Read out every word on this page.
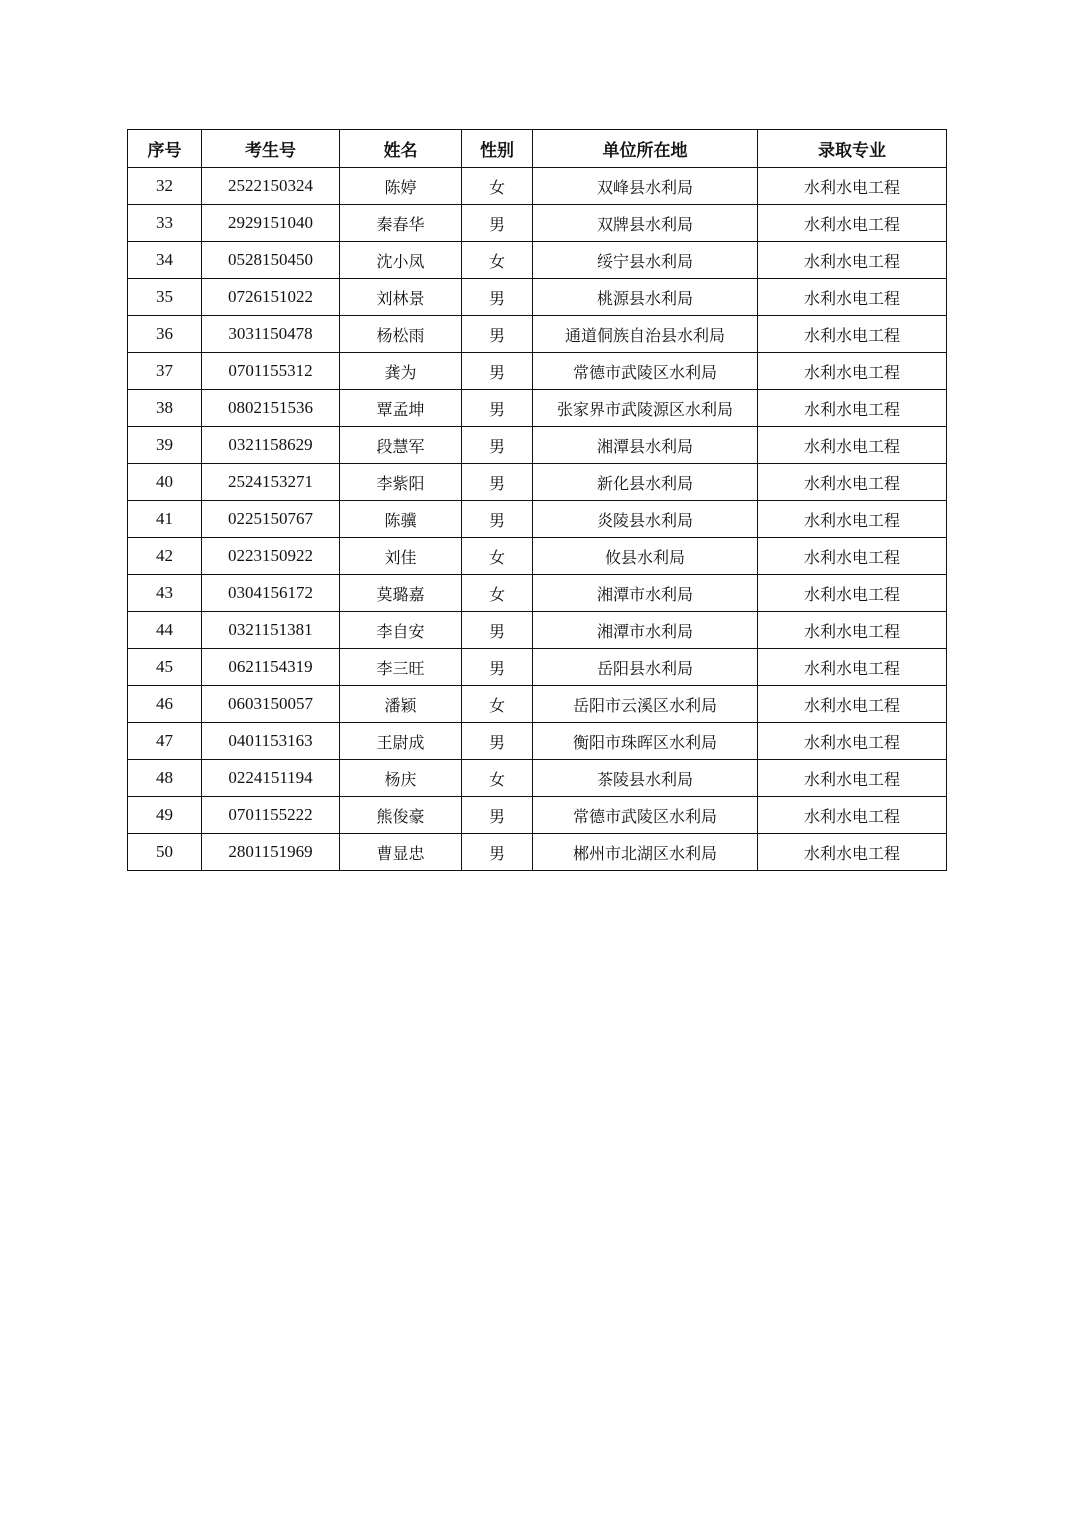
序号	考生号	姓名	性别	单位所在地	录取专业
32	2522150324	陈婷	女	双峰县水利局	水利水电工程
33	2929151040	秦春华	男	双牌县水利局	水利水电工程
34	0528150450	沈小凤	女	绥宁县水利局	水利水电工程
35	0726151022	刘林景	男	桃源县水利局	水利水电工程
36	3031150478	杨松雨	男	通道侗族自治县水利局	水利水电工程
37	0701155312	龚为	男	常德市武陵区水利局	水利水电工程
38	0802151536	覃孟坤	男	张家界市武陵源区水利局	水利水电工程
39	0321158629	段慧军	男	湘潭县水利局	水利水电工程
40	2524153271	李紫阳	男	新化县水利局	水利水电工程
41	0225150767	陈骥	男	炎陵县水利局	水利水电工程
42	0223150922	刘佳	女	攸县水利局	水利水电工程
43	0304156172	莫璐嘉	女	湘潭市水利局	水利水电工程
44	0321151381	李自安	男	湘潭市水利局	水利水电工程
45	0621154319	李三旺	男	岳阳县水利局	水利水电工程
46	0603150057	潘颖	女	岳阳市云溪区水利局	水利水电工程
47	0401153163	王尉成	男	衡阳市珠晖区水利局	水利水电工程
48	0224151194	杨庆	女	茶陵县水利局	水利水电工程
49	0701155222	熊俊豪	男	常德市武陵区水利局	水利水电工程
50	2801151969	曹显忠	男	郴州市北湖区水利局	水利水电工程
